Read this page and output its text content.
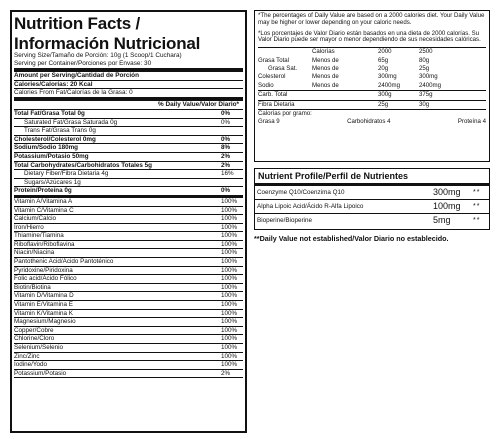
Nutrition Facts /
Información Nutricional
Serving Size/Tamaño de Porción: 10g (1 Scoop/1 Cuchara)
Serving per Container/Porciones por Envase: 30
Amount per Serving/Cantidad de Porción
Calories/Calorías: 20 Kcal
Calories From Fat/Calorías de la Grasa: 0
% Daily Value/Valor Diario*
Total Fat/Grasa Total 0g	0%
Saturated Fat/Grasa Saturada 0g	0%
Trans Fat/Grasa Trans 0g
Cholesterol/Colesterol 0mg	0%
Sodium/Sodio 180mg	8%
Potassium/Potasio 50mg	2%
Total Carbohydrates/Carbohidratos Totales 5g	2%
Dietary Fiber/Fibra Dietaria 4g	16%
Sugars/Azúcares 1g
Protein/Proteína 0g	0%
Vitamin A/Vitamina A	100%
Vitamin C/Vitamina C	100%
Calcium/Calcio	100%
Iron/Hierro	100%
Thiamine/Tiamina	100%
Riboflavin/Riboflavina	100%
Niacin/Niacina	100%
Pantothenic Acid/Ácido Pantoténico	100%
Pyridoxine/Piridoxina	100%
Folic acid/Ácido Fólico	100%
Biotin/Biotina	100%
Vitamin D/Vitamina D	100%
Vitamin E/Vitamina E	100%
Vitamin K/Vitamina K	100%
Magnesium/Magnesio	100%
Copper/Cobre	100%
Chlorine/Cloro	100%
Selenium/Selenio	100%
Zinc/Zinc	100%
Iodine/Yodo	100%
Potassium/Potasio	2%
*The percentages of Daily Value are based on a 2000 calories diet. Your Daily Value may be higher or lower depending on your caloric needs.
*Los porcentajes de Valor Diario están basados en una dieta de 2000 calorías. Su Valor Diario puede ser mayor o menor dependiendo de sus necesidades calóricas.
Calorías	2000	2500
Grasa Total	Menos de	65g	80g
Grasa Sat.	Menos de	20g	25g
Colesterol	Menos de	300mg	300mg
Sodio	Menos de	2400mg	2400mg
Carb. Total	300g	375g
Fibra Dietaria	25g	30g
Calorías por gramo:
Grasa 9	Carbohidratos 4	Proteína 4
Nutrient Profile/Perfil de Nutrientes
Coenzyme Q10/Coenzima Q10	300mg	**
Alpha Lipoic Acid/Ácido R-Alfa Lipoico	100mg	**
Bioperine/Bioperine	5mg	**
**Daily Value not established/Valor Diario no establecido.
